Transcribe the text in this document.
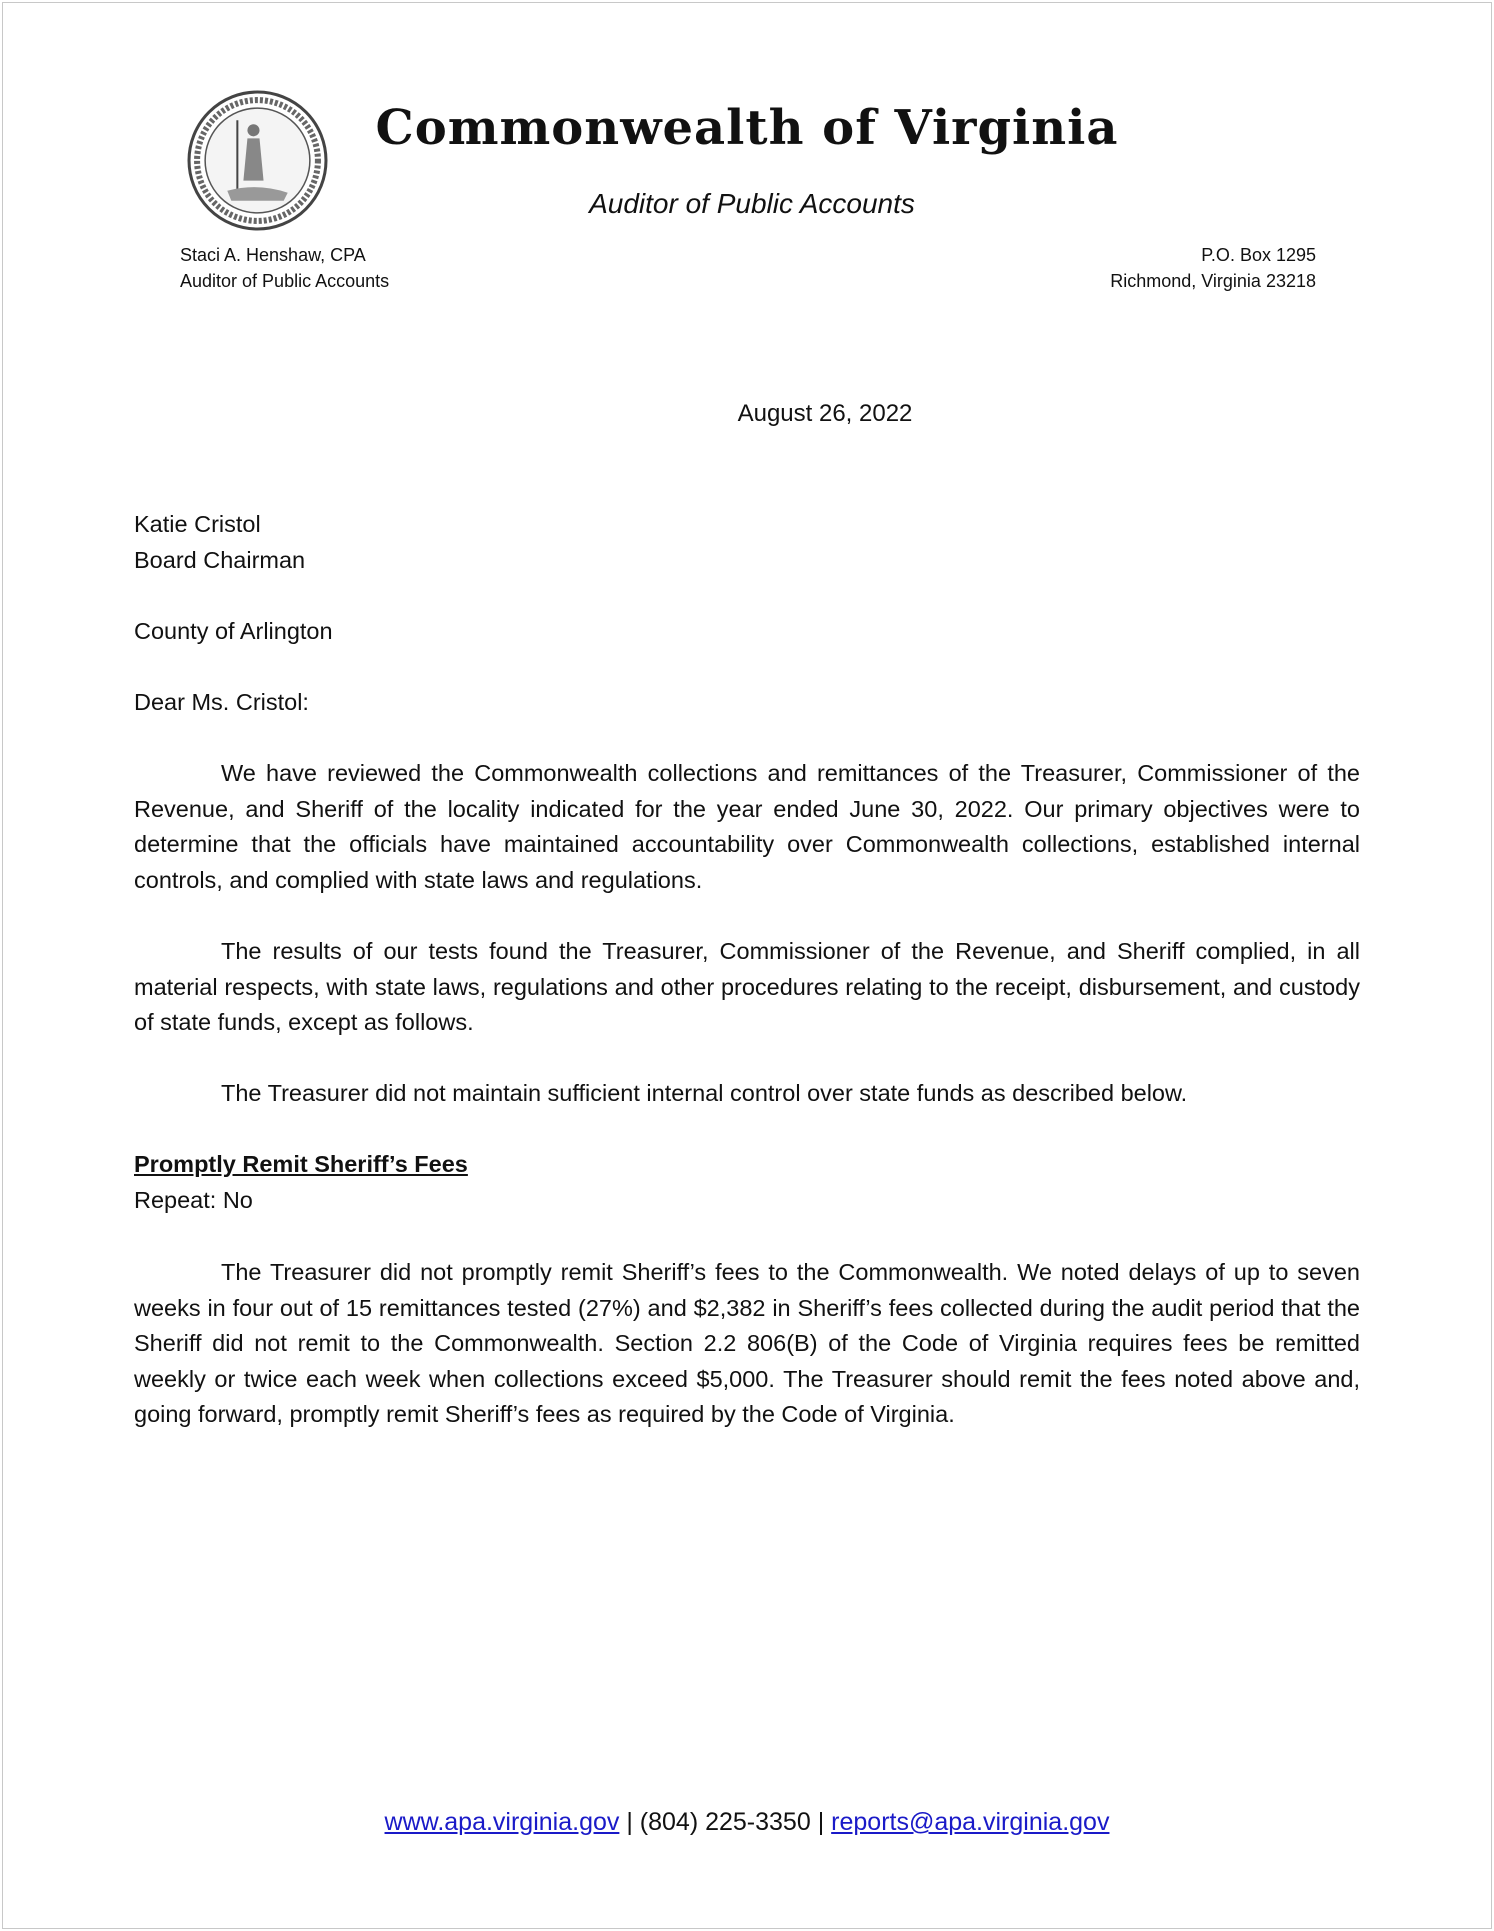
Commonwealth of Virginia
Auditor of Public Accounts
Staci A. Henshaw, CPA
Auditor of Public Accounts
P.O. Box 1295
Richmond, Virginia 23218
August 26, 2022
Katie Cristol
Board Chairman
County of Arlington
Dear Ms. Cristol:

We have reviewed the Commonwealth collections and remittances of the Treasurer, Commissioner of the Revenue, and Sheriff of the locality indicated for the year ended June 30, 2022. Our primary objectives were to determine that the officials have maintained accountability over Commonwealth collections, established internal controls, and complied with state laws and regulations.

The results of our tests found the Treasurer, Commissioner of the Revenue, and Sheriff complied, in all material respects, with state laws, regulations and other procedures relating to the receipt, disbursement, and custody of state funds, except as follows.

The Treasurer did not maintain sufficient internal control over state funds as described below.

Promptly Remit Sheriff’s Fees
Repeat: No

The Treasurer did not promptly remit Sheriff’s fees to the Commonwealth. We noted delays of up to seven weeks in four out of 15 remittances tested (27%) and $2,382 in Sheriff’s fees collected during the audit period that the Sheriff did not remit to the Commonwealth. Section 2.2 806(B) of the Code of Virginia requires fees be remitted weekly or twice each week when collections exceed $5,000. The Treasurer should remit the fees noted above and, going forward, promptly remit Sheriff’s fees as required by the Code of Virginia.

www.apa.virginia.gov | (804) 225-3350 | reports@apa.virginia.gov
